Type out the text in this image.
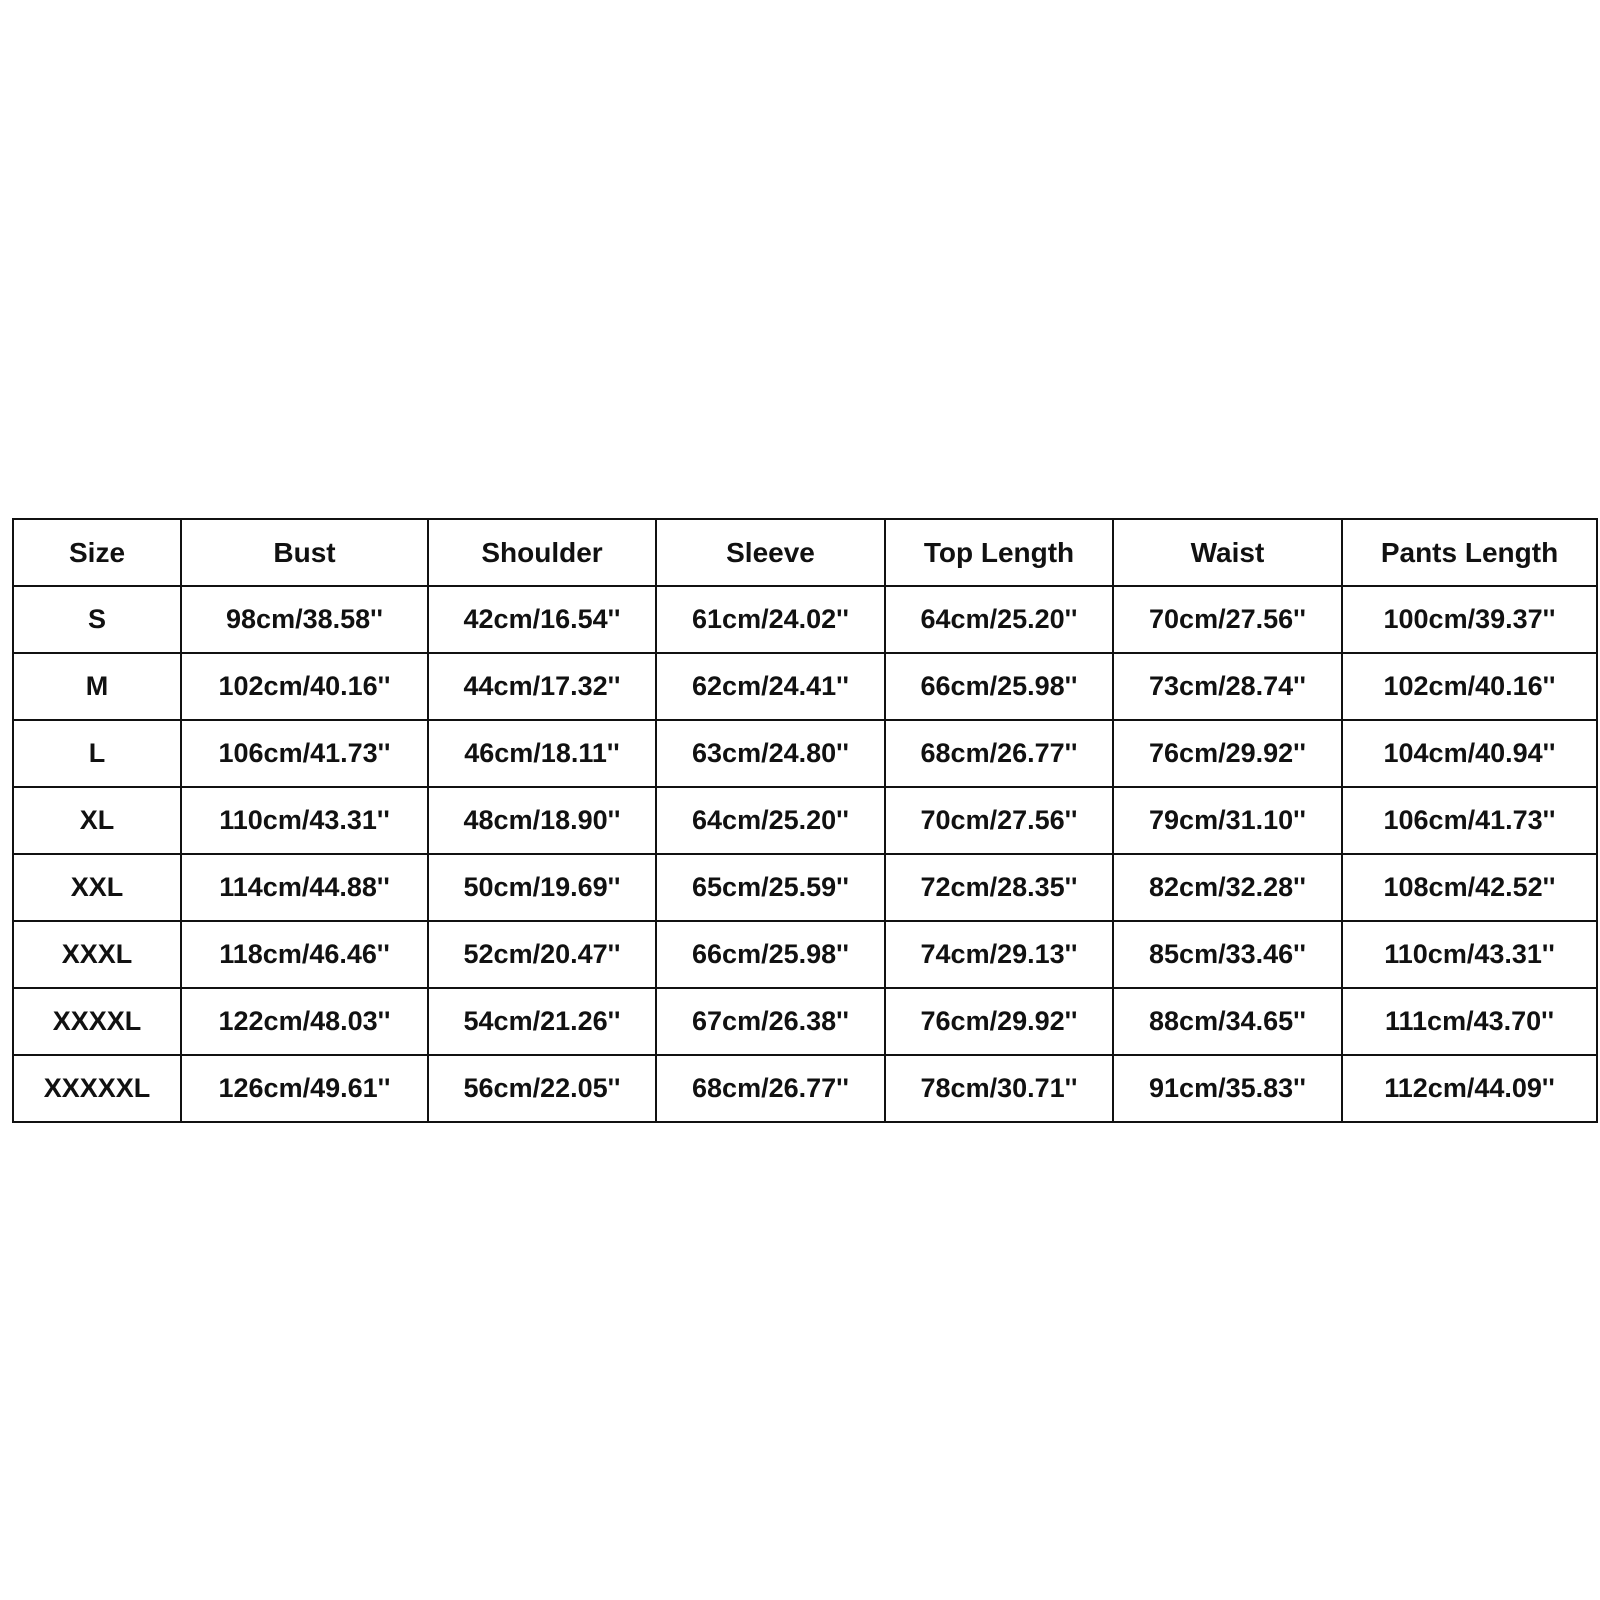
Size	Bust	Shoulder	Sleeve	Top Length	Waist	Pants Length
S	98cm/38.58''	42cm/16.54''	61cm/24.02''	64cm/25.20''	70cm/27.56''	100cm/39.37''
M	102cm/40.16''	44cm/17.32''	62cm/24.41''	66cm/25.98''	73cm/28.74''	102cm/40.16''
L	106cm/41.73''	46cm/18.11''	63cm/24.80''	68cm/26.77''	76cm/29.92''	104cm/40.94''
XL	110cm/43.31''	48cm/18.90''	64cm/25.20''	70cm/27.56''	79cm/31.10''	106cm/41.73''
XXL	114cm/44.88''	50cm/19.69''	65cm/25.59''	72cm/28.35''	82cm/32.28''	108cm/42.52''
XXXL	118cm/46.46''	52cm/20.47''	66cm/25.98''	74cm/29.13''	85cm/33.46''	110cm/43.31''
XXXXL	122cm/48.03''	54cm/21.26''	67cm/26.38''	76cm/29.92''	88cm/34.65''	111cm/43.70''
XXXXXL	126cm/49.61''	56cm/22.05''	68cm/26.77''	78cm/30.71''	91cm/35.83''	112cm/44.09''
